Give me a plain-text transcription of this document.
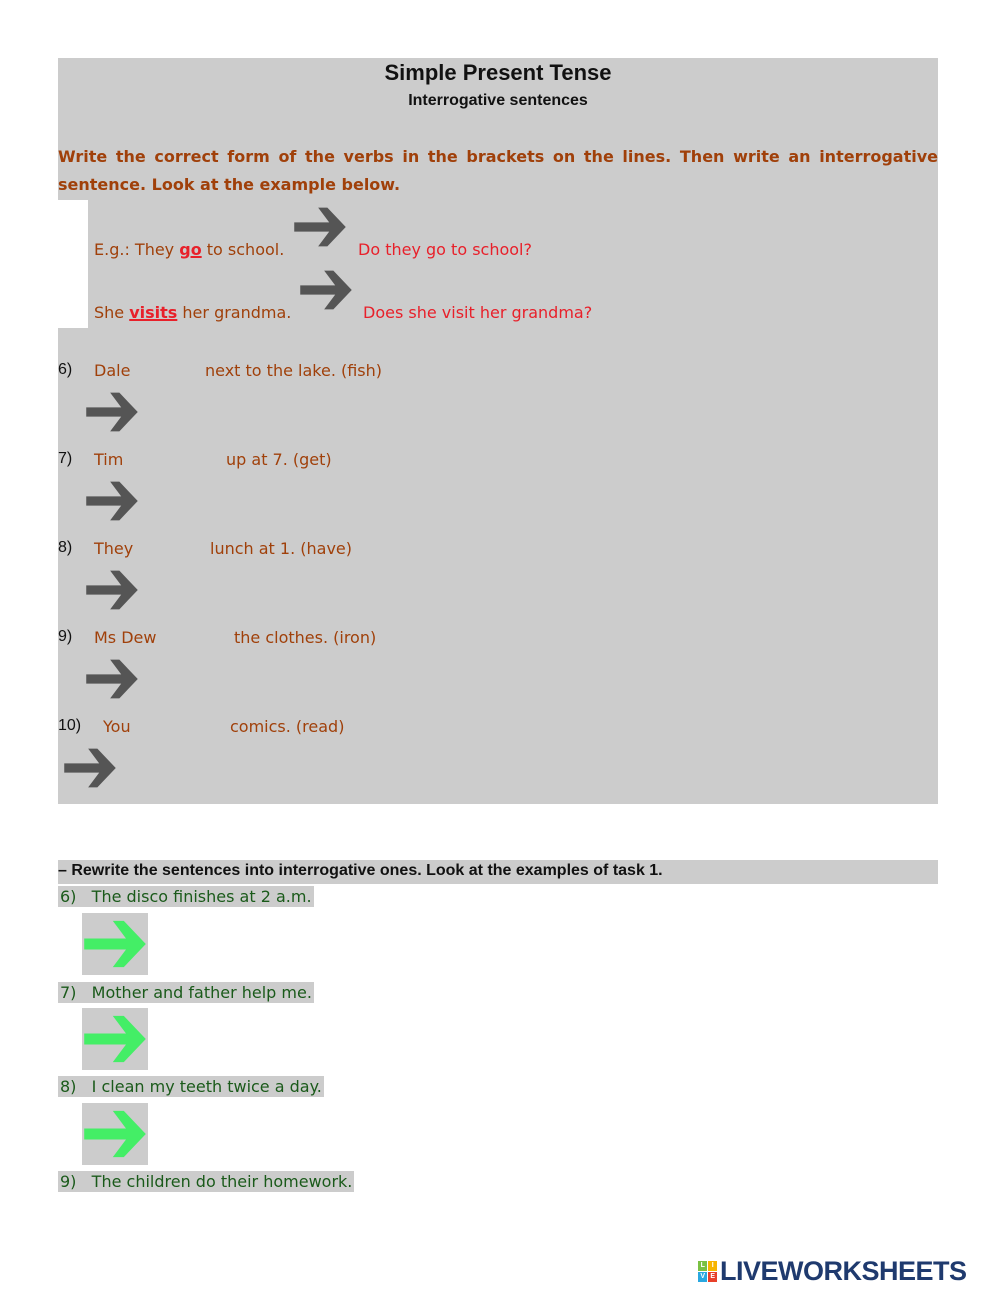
Simple Present Tense
Interrogative sentences
Write the correct form of the verbs in the brackets on the lines. Then write an interrogative sentence. Look at the example below.
E.g.: They go to school.	Do they go to school?
She visits her grandma.	Does she visit her grandma?
6) Dale	next to the lake. (fish)
7) Tim	up at 7. (get)
8) They	lunch at 1. (have)
9) Ms Dew	the clothes. (iron)
10) You	comics. (read)
– Rewrite the sentences into interrogative ones. Look at the examples of task 1.
6)   The disco finishes at 2 a.m.
7)   Mother and father help me.
8)   I clean my teeth twice a day.
9)   The children do their homework.
L	I
V E LIVEWORKSHEETS
